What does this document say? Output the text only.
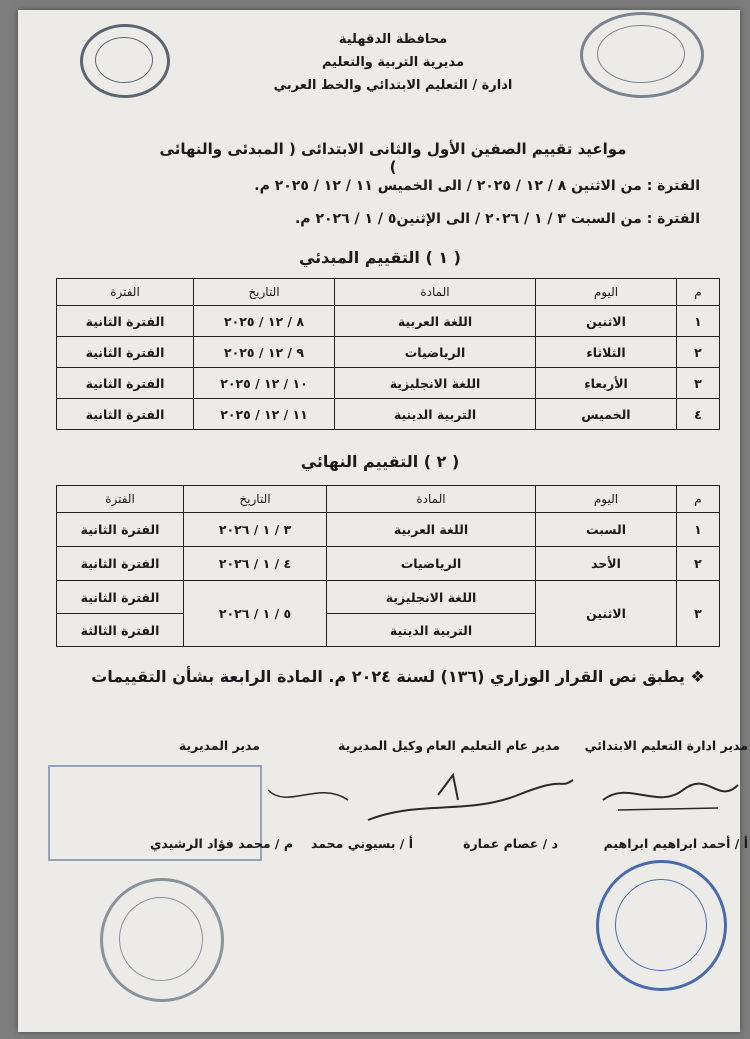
محافظة الدقهلية
مديرية التربية والتعليم
ادارة / التعليم الابتدائي والخط العربي
مواعيد تقييم الصفين الأول والثانى الابتدائى ( المبدئى والنهائى )
الفترة : من الاثنين ٨ / ١٢ / ٢٠٢٥ / الى الخميس ١١ / ١٢ / ٢٠٢٥ م.
الفترة : من السبت ٣ / ١ / ٢٠٢٦ / الى الإثنين٥ / ١ / ٢٠٢٦ م.
( ١ ) التقييم المبدئي
م	اليوم	المادة	التاريخ	الفترة
١	الاثنين	اللغة العربية	٨ / ١٢ / ٢٠٢٥	الفترة الثانية
٢	الثلاثاء	الرياضيات	٩ / ١٢ / ٢٠٢٥	الفترة الثانية
٣	الأربعاء	اللغة الانجليزية	١٠ / ١٢ / ٢٠٢٥	الفترة الثانية
٤	الخميس	التربية الدينية	١١ / ١٢ / ٢٠٢٥	الفترة الثانية
( ٢ ) التقييم النهائي
م	اليوم	المادة	التاريخ	الفترة
١	السبت	اللغة العربية	٣ / ١ / ٢٠٢٦	الفترة الثانية
٢	الأحد	الرياضيات	٤ / ١ / ٢٠٢٦	الفترة الثانية
٣	الاثنين	اللغة الانجليزية	٥ / ١ / ٢٠٢٦	الفترة الثانية
		التربية الدينية		الفترة الثالثة
❖ يطبق نص القرار الوزاري (١٣٦) لسنة ٢٠٢٤ م. المادة الرابعة بشأن التقييمات
مدير ادارة التعليم الابتدائي
مدير عام التعليم العام
وكيل المديرية
مدير المديرية
أ / أحمد ابراهيم ابراهيم
د / عصام عمارة
أ / بسيوني محمد
م / محمد فؤاد الرشيدي
